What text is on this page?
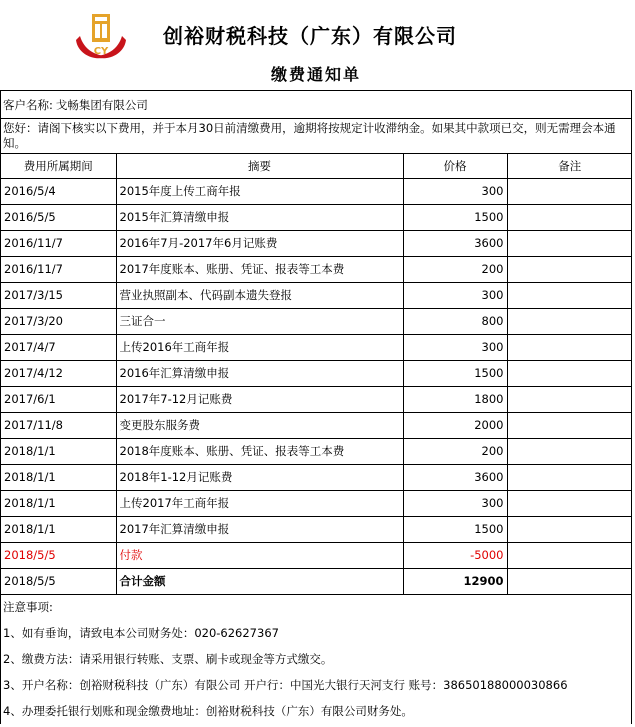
CY
创裕财税科技（广东）有限公司
缴费通知单
客户名称: 戈畅集团有限公司
您好：请阁下核实以下费用，并于本月30日前清缴费用，逾期将按规定计收滞纳金。如果其中款项已交，则无需理会本通知。
费用所属期间	摘要	价格	备注
2016/5/4	2015年度上传工商年报	300	
2016/5/5	2015年汇算清缴申报	1500	
2016/11/7	2016年7月-2017年6月记账费	3600	
2016/11/7	2017年度账本、账册、凭证、报表等工本费	200	
2017/3/15	营业执照副本、代码副本遗失登报	300	
2017/3/20	三证合一	800	
2017/4/7	上传2016年工商年报	300	
2017/4/12	2016年汇算清缴申报	1500	
2017/6/1	2017年7-12月记账费	1800	
2017/11/8	变更股东服务费	2000	
2018/1/1	2018年度账本、账册、凭证、报表等工本费	200	
2018/1/1	2018年1-12月记账费	3600	
2018/1/1	上传2017年工商年报	300	
2018/1/1	2017年汇算清缴申报	1500	
2018/5/5	付款	-5000	
2018/5/5	合计金额	12900	
注意事项:
1、如有垂询，请致电本公司财务处：020-62627367
2、缴费方法：请采用银行转账、支票、刷卡或现金等方式缴交。
3、开户名称：创裕财税科技（广东）有限公司 开户行：中国光大银行天河支行 账号：38650188000030866
4、办理委托银行划账和现金缴费地址：创裕财税科技（广东）有限公司财务处。
